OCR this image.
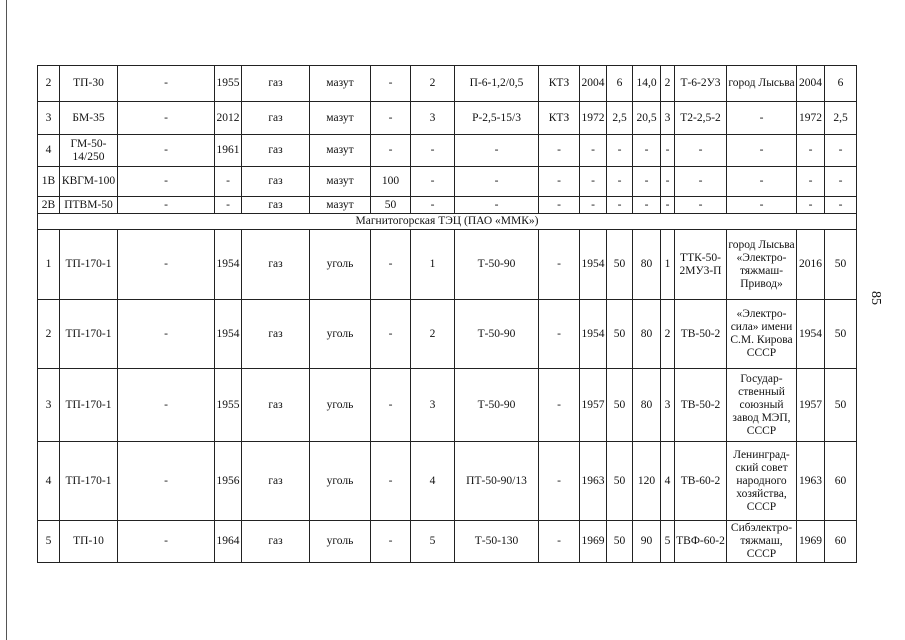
2	ТП-30	-	1955	газ	мазут	-	2	П-6-1,2/0,5	КТЗ	2004	6	14,0	2	Т-6-2У3	город Лысьва	2004	6
3	БМ-35	-	2012	газ	мазут	-	3	Р-2,5-15/3	КТЗ	1972	2,5	20,5	3	Т2-2,5-2	-	1972	2,5
4	ГМ-50-14/250	-	1961	газ	мазут	-	-	-	-	-	-	-	-	-	-	-	-
1В	КВГМ-100	-	-	газ	мазут	100	-	-	-	-	-	-	-	-	-	-	-
2В	ПТВМ-50	-	-	газ	мазут	50	-	-	-	-	-	-	-	-	-	-	-
Магнитогорская ТЭЦ (ПАО «ММК»)																	
1	ТП-170-1	-	1954	газ	уголь	-	1	Т-50-90	-	1954	50	80	1	ТТК-50-2МУ3-П	город Лысьва «Электро-тяжмаш-Привод»	2016	50
2	ТП-170-1	-	1954	газ	уголь	-	2	Т-50-90	-	1954	50	80	2	ТВ-50-2	«Электро-сила» имени С.М. Кирова СССР	1954	50
3	ТП-170-1	-	1955	газ	уголь	-	3	Т-50-90	-	1957	50	80	3	ТВ-50-2	Государ-ственный союзный завод МЭП, СССР	1957	50
4	ТП-170-1	-	1956	газ	уголь	-	4	ПТ-50-90/13	-	1963	50	120	4	ТВ-60-2	Ленинград-ский совет народного хозяйства, СССР	1963	60
5	ТП-10	-	1964	газ	уголь	-	5	Т-50-130	-	1969	50	90	5	ТВФ-60-2	Сибэлектро-тяжмаш, СССР	1969	60
85
